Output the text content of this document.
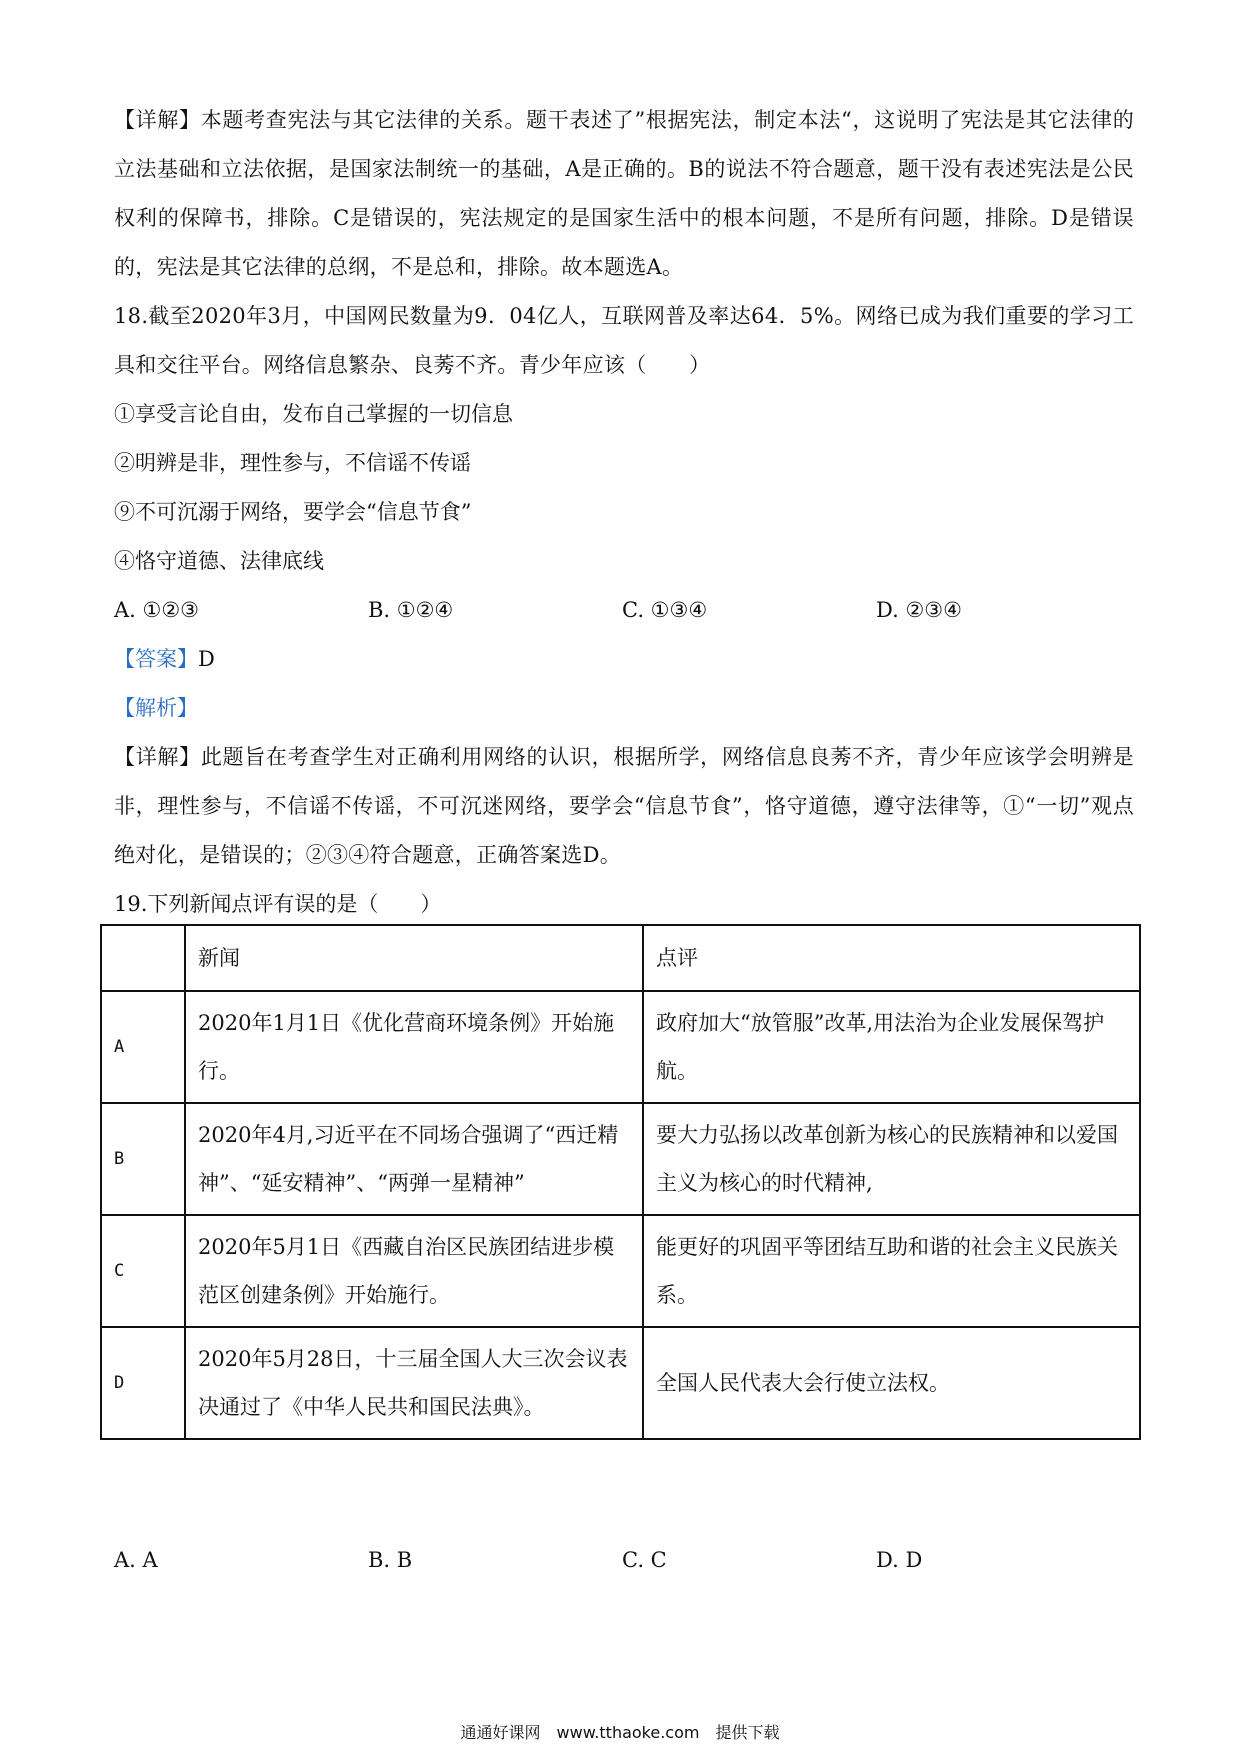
【详解】本题考查宪法与其它法律的关系。题干表述了”根据宪法，制定本法“，这说明了宪法是其它法律的立法基础和立法依据，是国家法制统一的基础，A是正确的。B的说法不符合题意，题干没有表述宪法是公民权利的保障书，排除。C是错误的，宪法规定的是国家生活中的根本问题，不是所有问题，排除。D是错误的，宪法是其它法律的总纲，不是总和，排除。故本题选A。

18.截至2020年3月，中国网民数量为9．04亿人，互联网普及率达64．5%。网络已成为我们重要的学习工具和交往平台。网络信息繁杂、良莠不齐。青少年应该（　　）

①享受言论自由，发布自己掌握的一切信息

②明辨是非，理性参与，不信谣不传谣

⑨不可沉溺于网络，要学会“信息节食”

④恪守道德、法律底线

A. ①②③	B. ①②④	C. ①③④	D. ②③④

【答案】D

【解析】

【详解】此题旨在考查学生对正确利用网络的认识，根据所学，网络信息良莠不齐，青少年应该学会明辨是非，理性参与，不信谣不传谣，不可沉迷网络，要学会“信息节食”，恪守道德，遵守法律等，①“一切”观点绝对化，是错误的；②③④符合题意，正确答案选D。

19.下列新闻点评有误的是（　　）

	新闻	点评
A	2020年1月1日《优化营商环境条例》开始施行。	政府加大“放管服”改革,用法治为企业发展保驾护航。
B	2020年4月,习近平在不同场合强调了“西迁精神”、“延安精神”、“两弹一星精神”	要大力弘扬以改革创新为核心的民族精神和以爱国主义为核心的时代精神,
C	2020年5月1日《西藏自治区民族团结进步模范区创建条例》开始施行。	能更好的巩固平等团结互助和谐的社会主义民族关系。
D	2020年5月28日，十三届全国人大三次会议表决通过了《中华人民共和国民法典》。	全国人民代表大会行使立法权。
A. A	B. B	C. C	D. D
通通好课网　www.tthaoke.com　提供下载
